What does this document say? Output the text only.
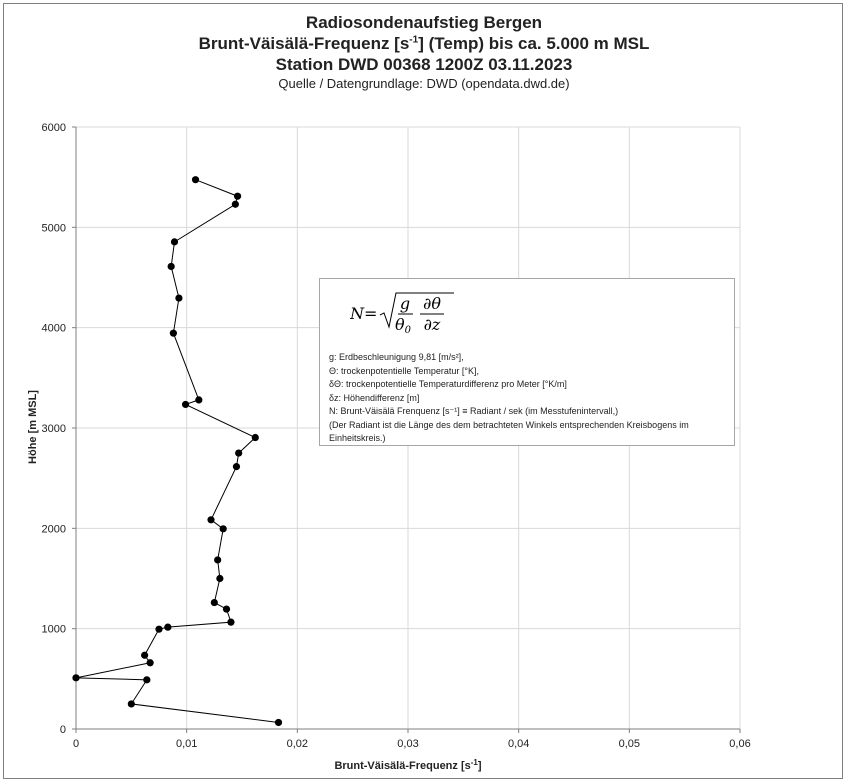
Radiosondenaufstieg Bergen
Brunt-Väisälä-Frequenz $[s^{-1}]$ (Temp) bis ca. 5.000 m MSL
Station DWD 00368 1200Z 03.11.2023
Quelle / Datengrundlage: DWD (opendata.dwd.de)
0	0,01	0,02	0,03	0,04	0,05	0,06
0
1000
2000
3000
4000
5000
6000
Brunt-Väisälä-Frequenz $[s^{-1}]$
Höhe [m MSL]
N =
g
θ0
∂θ
∂z
g: Erdbeschleunigung 9,81 [m/s²],
Θ: trockenpotentielle Temperatur [°K],
δΘ: trockenpotentielle Temperaturdifferenz pro Meter [°K/m]
δz: Höhendifferenz [m]
N: Brunt-Väisälä Frenquenz [s⁻¹] ≡ Radiant / sek (im Messtufenintervall,)
(Der Radiant ist die Länge des dem betrachteten Winkels entsprechenden Kreisbogens im Einheitskreis.)
